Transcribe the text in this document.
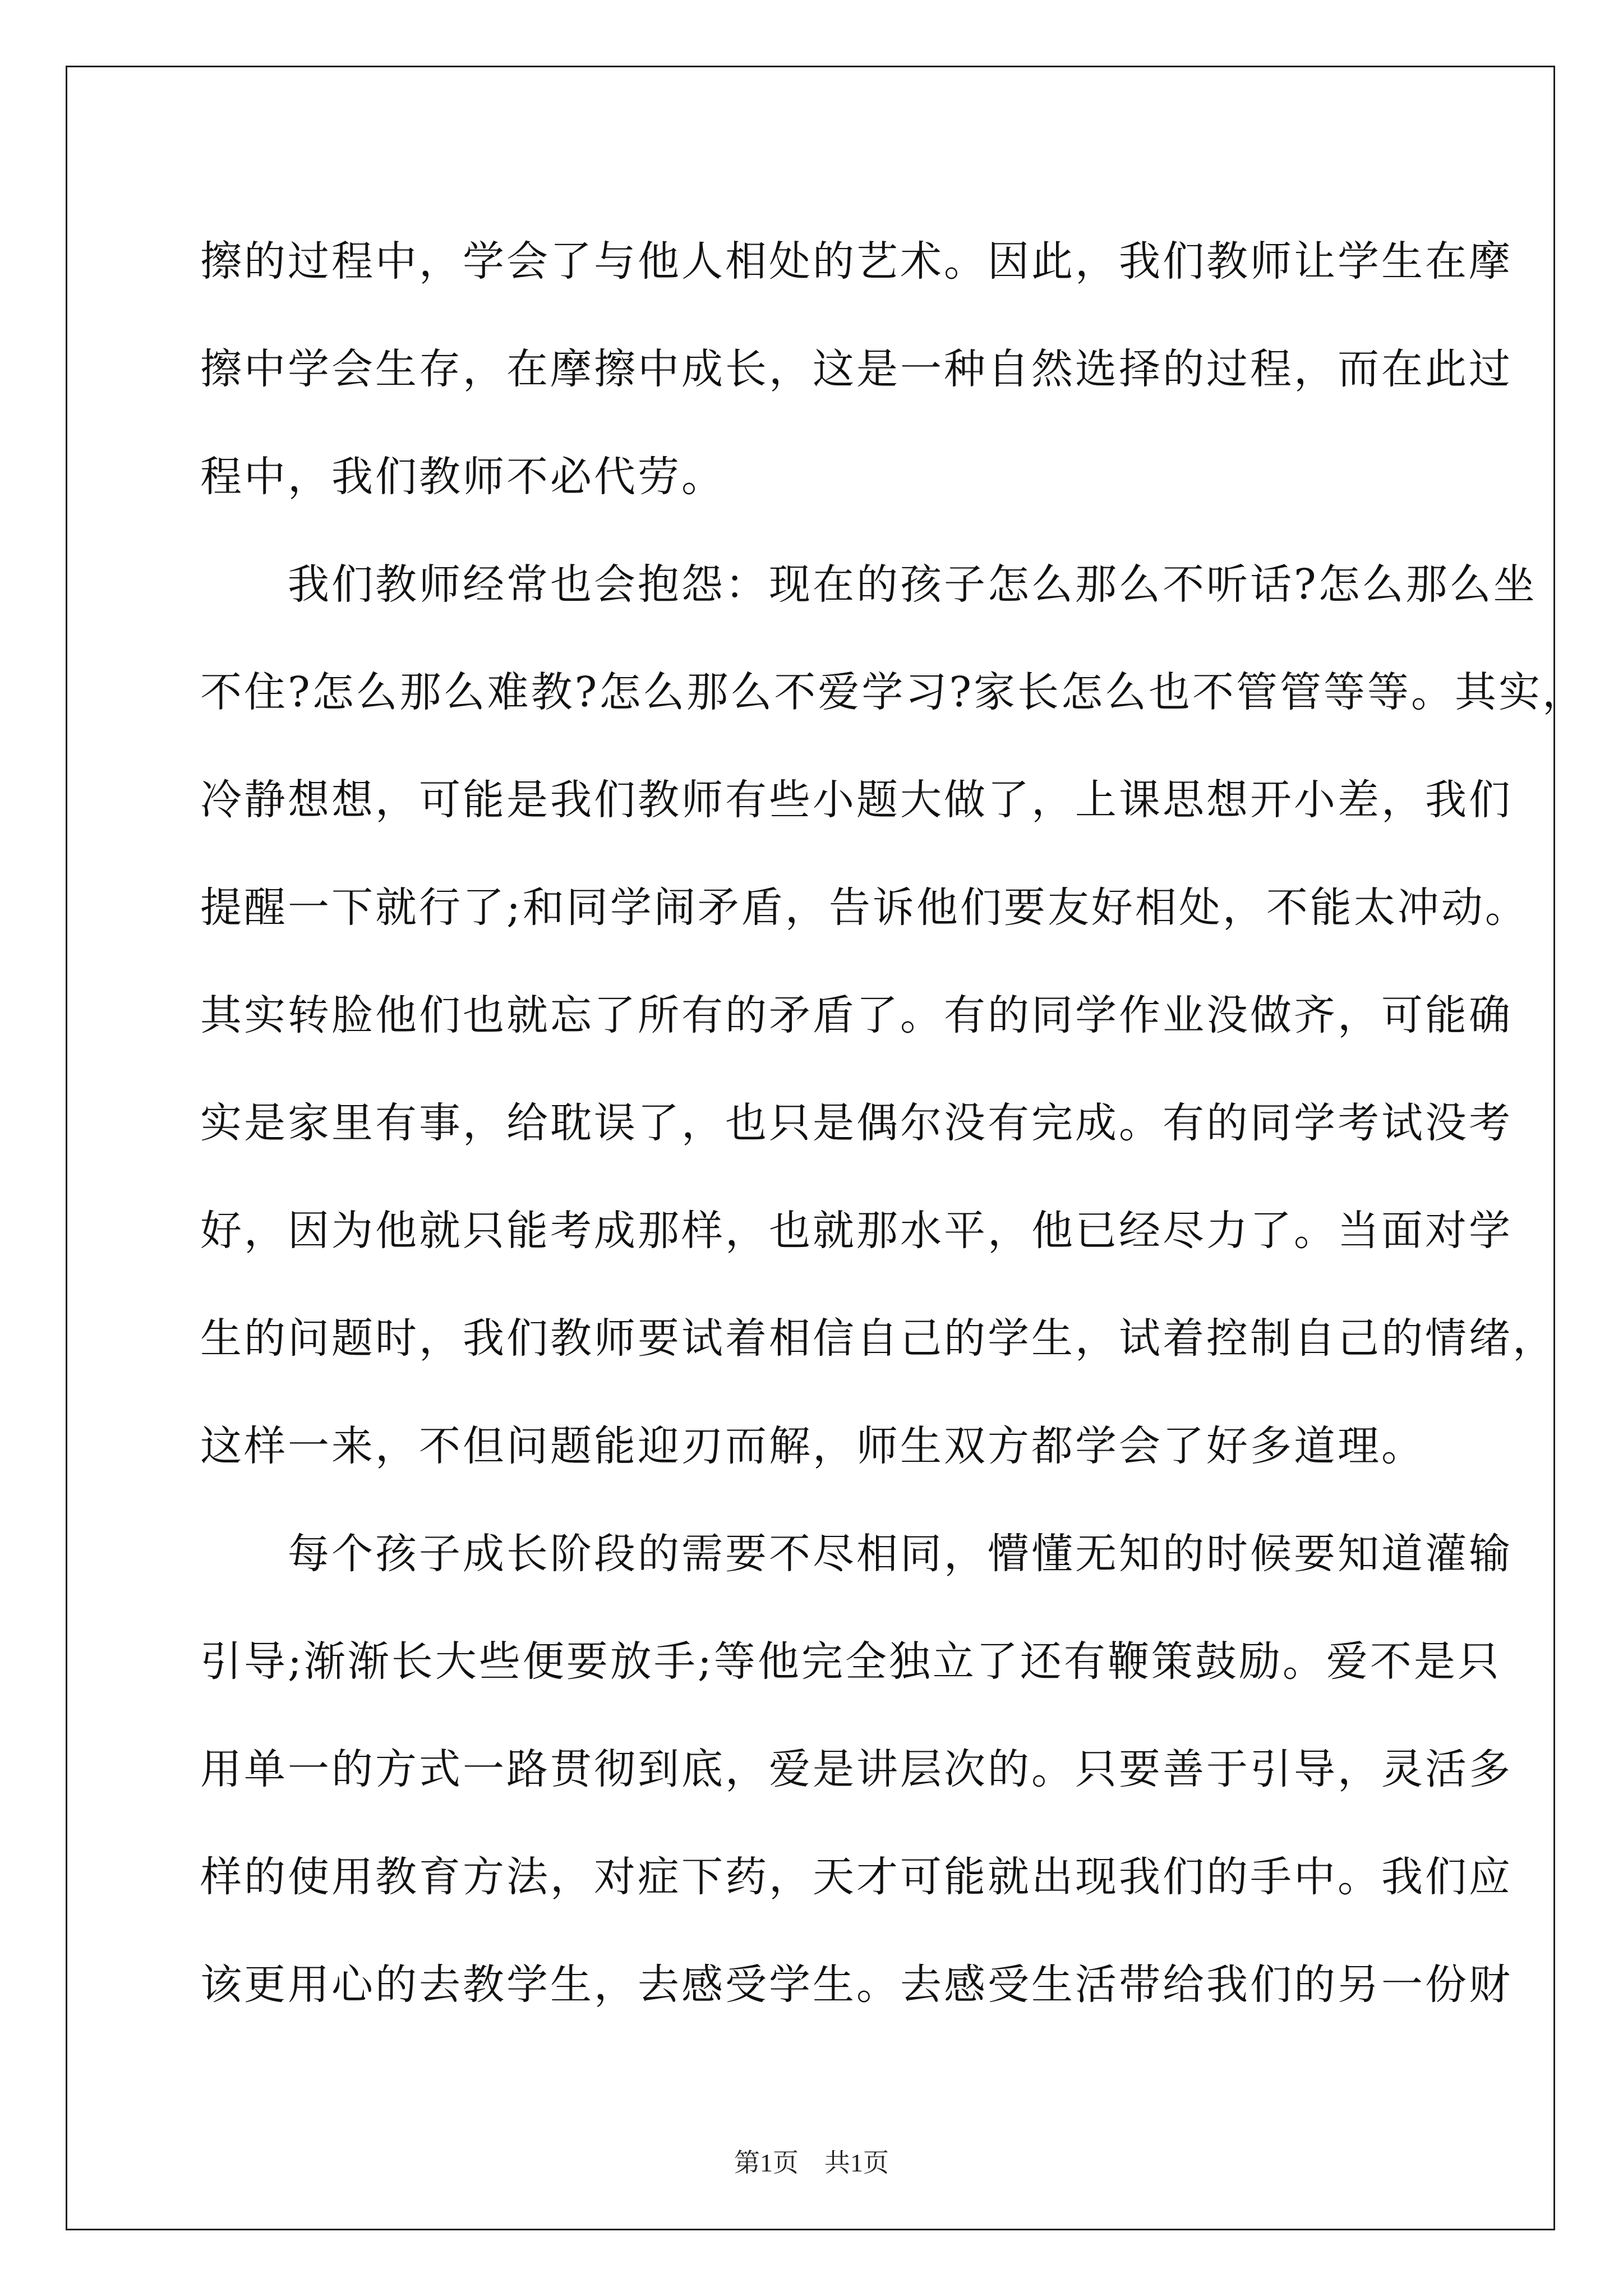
擦的过程中，学会了与他人相处的艺术。因此，我们教师让学生在摩
擦中学会生存，在摩擦中成长，这是一种自然选择的过程，而在此过
程中，我们教师不必代劳。
　　我们教师经常也会抱怨：现在的孩子怎么那么不听话?怎么那么坐
不住?怎么那么难教?怎么那么不爱学习?家长怎么也不管管等等。其实，
冷静想想，可能是我们教师有些小题大做了，上课思想开小差，我们
提醒一下就行了;和同学闹矛盾，告诉他们要友好相处，不能太冲动。
其实转脸他们也就忘了所有的矛盾了。有的同学作业没做齐，可能确
实是家里有事，给耽误了，也只是偶尔没有完成。有的同学考试没考
好，因为他就只能考成那样，也就那水平，他已经尽力了。当面对学
生的问题时，我们教师要试着相信自己的学生，试着控制自己的情绪，
这样一来，不但问题能迎刃而解，师生双方都学会了好多道理。
　　每个孩子成长阶段的需要不尽相同，懵懂无知的时候要知道灌输
引导;渐渐长大些便要放手;等他完全独立了还有鞭策鼓励。爱不是只
用单一的方式一路贯彻到底，爱是讲层次的。只要善于引导，灵活多
样的使用教育方法，对症下药，天才可能就出现我们的手中。我们应
该更用心的去教学生，去感受学生。去感受生活带给我们的另一份财
第1页　共1页
